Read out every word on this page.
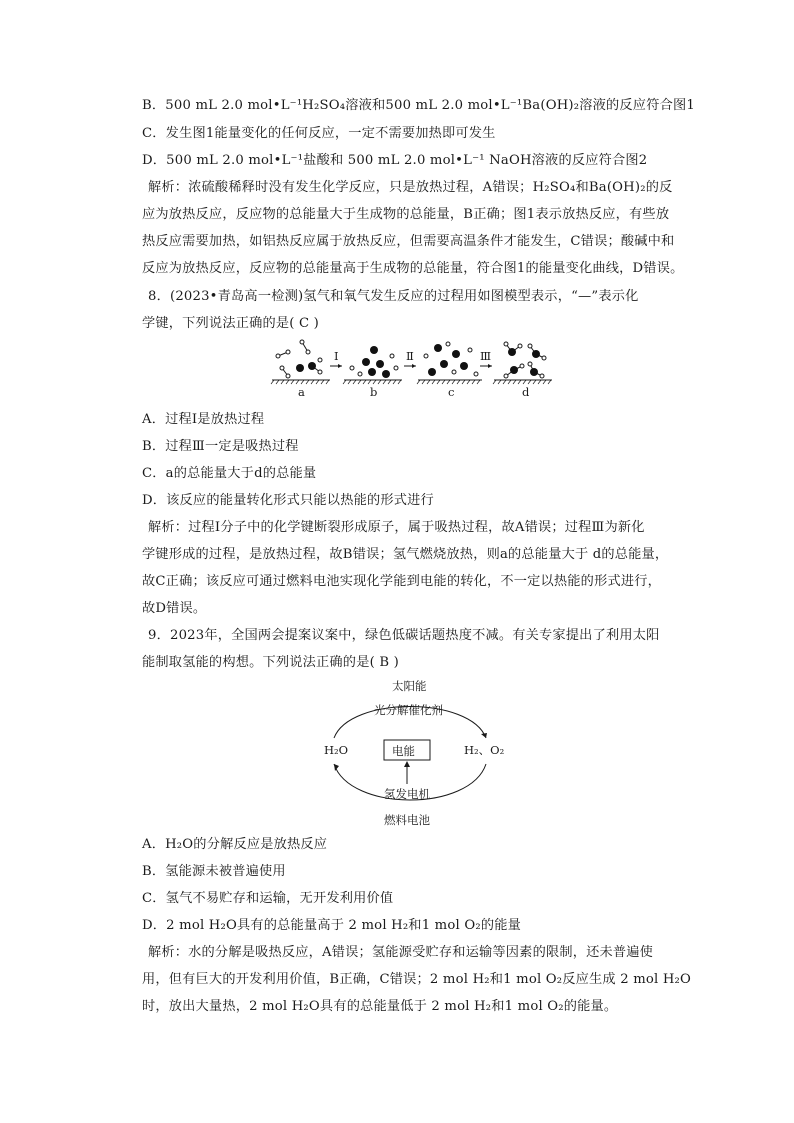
B．500 mL 2.0 mol•L⁻¹H₂SO₄溶液和500 mL 2.0 mol•L⁻¹Ba(OH)₂溶液的反应符合图1
C．发生图1能量变化的任何反应，一定不需要加热即可发生
D．500 mL 2.0 mol•L⁻¹盐酸和 500 mL 2.0 mol•L⁻¹ NaOH溶液的反应符合图2
解析：浓硫酸稀释时没有发生化学反应，只是放热过程，A错误；H₂SO₄和Ba(OH)₂的反
应为放热反应，反应物的总能量大于生成物的总能量，B正确；图1表示放热反应，有些放
热反应需要加热，如铝热反应属于放热反应，但需要高温条件才能发生，C错误；酸碱中和
反应为放热反应，反应物的总能量高于生成物的总能量，符合图1的能量变化曲线，D错误。
8．(2023•青岛高一检测)氢气和氧气发生反应的过程用如图模型表示，“—”表示化
学键，下列说法正确的是( C )
Ⅰ	Ⅱ	Ⅲ
a	b	c	d
A．过程Ⅰ是放热过程
B．过程Ⅲ一定是吸热过程
C．a的总能量大于d的总能量
D．该反应的能量转化形式只能以热能的形式进行
解析：过程Ⅰ分子中的化学键断裂形成原子，属于吸热过程，故A错误；过程Ⅲ为新化
学键形成的过程，是放热过程，故B错误；氢气燃烧放热，则a的总能量大于 d的总能量，
故C正确；该反应可通过燃料电池实现化学能到电能的转化，不一定以热能的形式进行，
故D错误。
9．2023年，全国两会提案议案中，绿色低碳话题热度不减。有关专家提出了利用太阳
能制取氢能的构想。下列说法正确的是( B )
太阳能
光分解催化剂
H₂O	H₂、O₂
电能
氢发电机
燃料电池
A．H₂O的分解反应是放热反应
B．氢能源未被普遍使用
C．氢气不易贮存和运输，无开发利用价值
D．2 mol H₂O具有的总能量高于 2 mol H₂和1 mol O₂的能量
解析：水的分解是吸热反应，A错误；氢能源受贮存和运输等因素的限制，还未普遍使
用，但有巨大的开发利用价值，B正确，C错误；2 mol H₂和1 mol O₂反应生成 2 mol H₂O
时，放出大量热，2 mol H₂O具有的总能量低于 2 mol H₂和1 mol O₂的能量。
